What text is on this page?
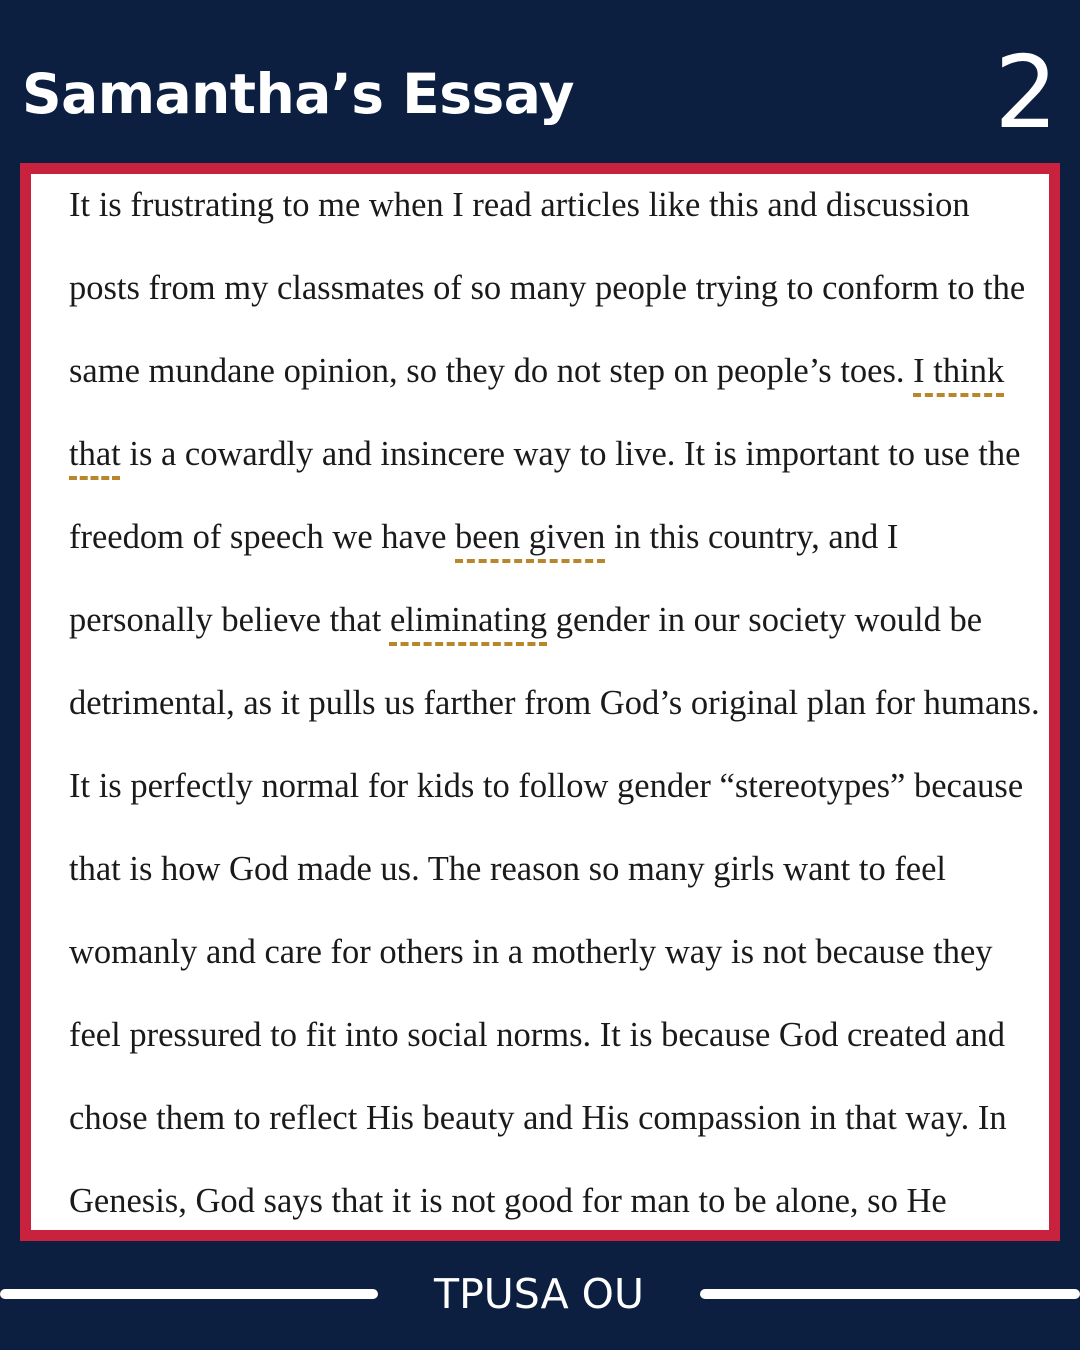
Samantha’s Essay	2
It is frustrating to me when I read articles like this and discussion
posts from my classmates of so many people trying to conform to the
same mundane opinion, so they do not step on people’s toes. I think
that is a cowardly and insincere way to live. It is important to use the
freedom of speech we have been given in this country, and I
personally believe that eliminating gender in our society would be
detrimental, as it pulls us farther from God’s original plan for humans.
It is perfectly normal for kids to follow gender “stereotypes” because
that is how God made us. The reason so many girls want to feel
womanly and care for others in a motherly way is not because they
feel pressured to fit into social norms. It is because God created and
chose them to reflect His beauty and His compassion in that way. In
Genesis, God says that it is not good for man to be alone, so He
TPUSA OU
